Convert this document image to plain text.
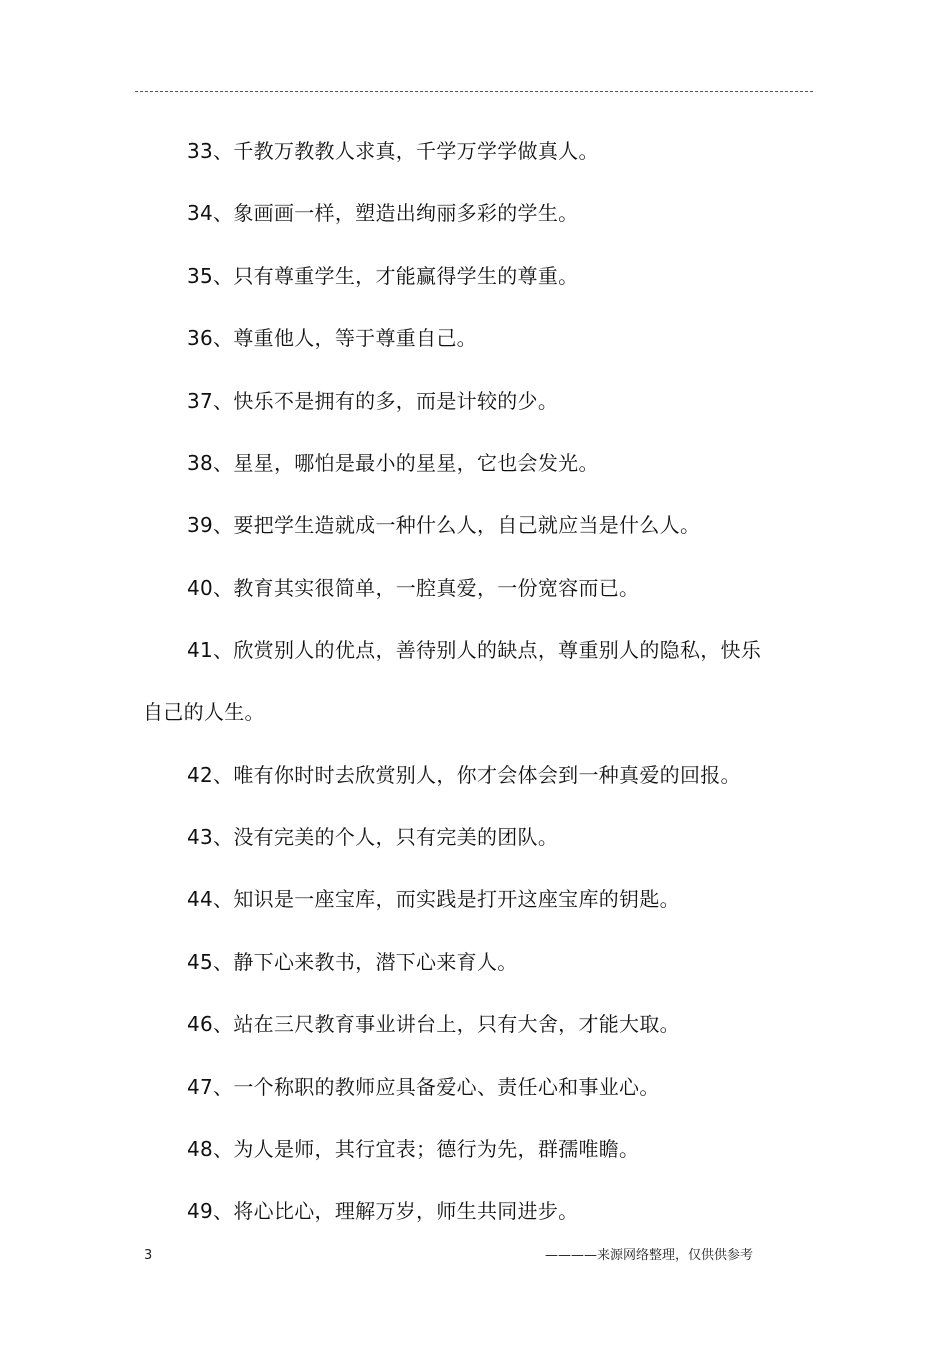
33、千教万教教人求真，千学万学学做真人。
34、象画画一样，塑造出绚丽多彩的学生。
35、只有尊重学生，才能赢得学生的尊重。
36、尊重他人，等于尊重自己。
37、快乐不是拥有的多，而是计较的少。
38、星星，哪怕是最小的星星，它也会发光。
39、要把学生造就成一种什么人，自己就应当是什么人。
40、教育其实很简单，一腔真爱，一份宽容而已。
41、欣赏别人的优点，善待别人的缺点，尊重别人的隐私，快乐
自己的人生。
42、唯有你时时去欣赏别人，你才会体会到一种真爱的回报。
43、没有完美的个人，只有完美的团队。
44、知识是一座宝库，而实践是打开这座宝库的钥匙。
45、静下心来教书，潜下心来育人。
46、站在三尺教育事业讲台上，只有大舍，才能大取。
47、一个称职的教师应具备爱心、责任心和事业心。
48、为人是师，其行宜表；德行为先，群孺唯瞻。
49、将心比心，理解万岁，师生共同进步。
3	————来源网络整理，仅供供参考
